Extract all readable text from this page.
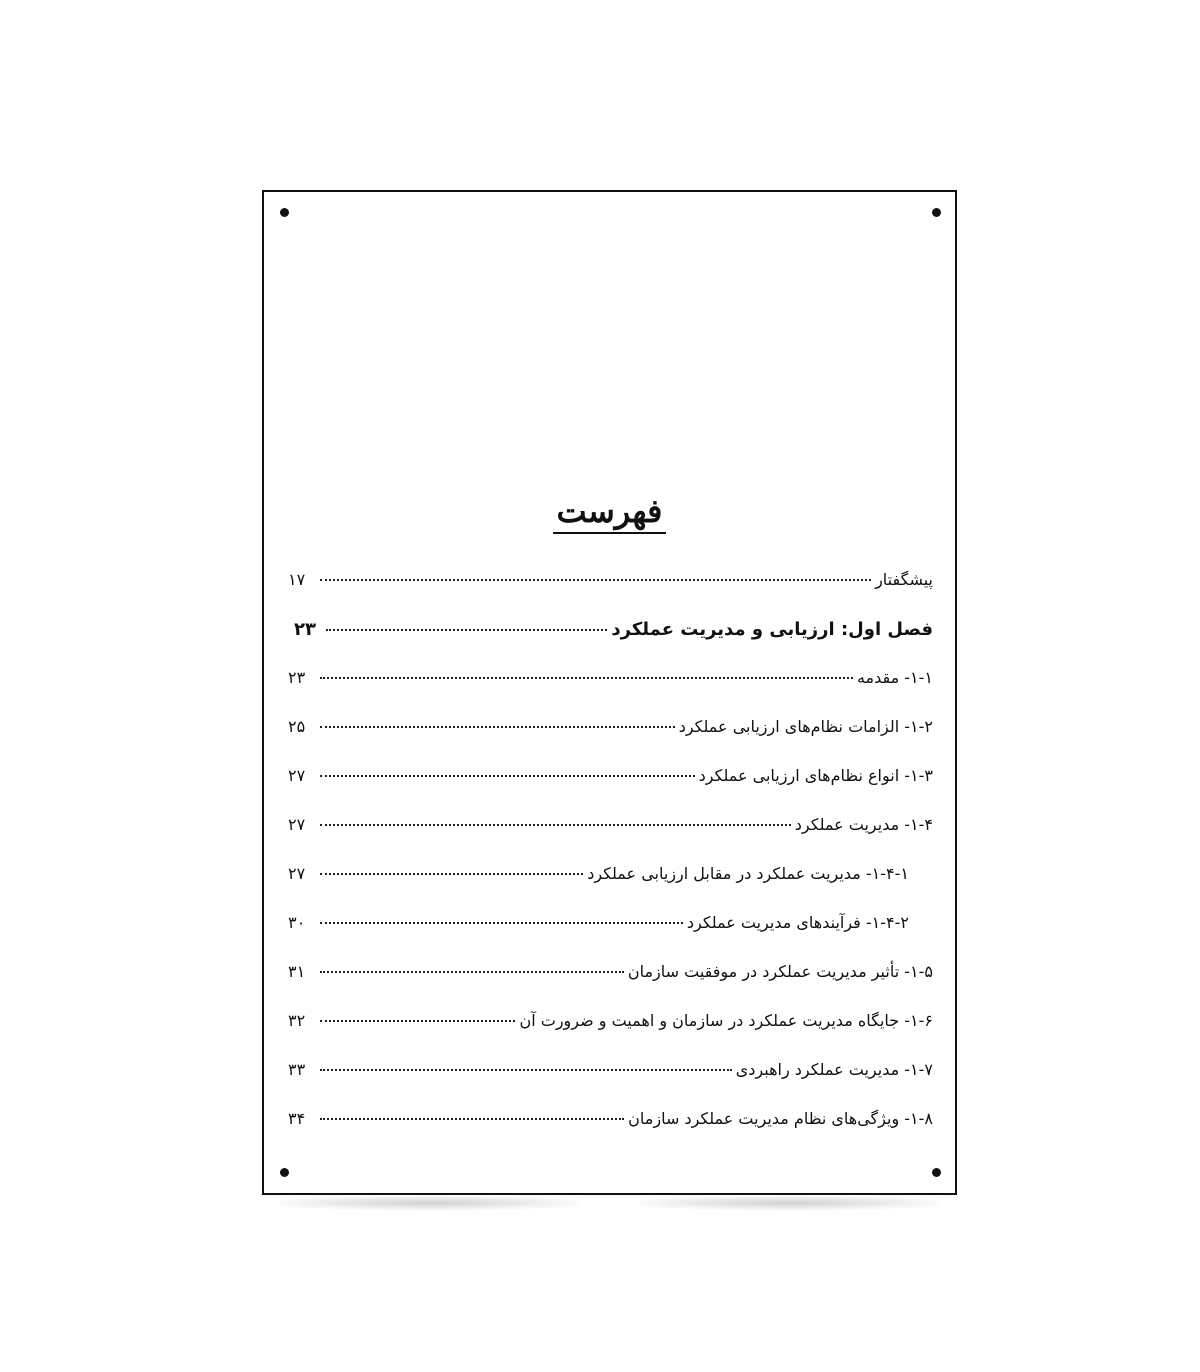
فهرست
پیشگفتار
۱۷
فصل اول: ارزیابی و مدیریت عملکرد
۲۳
۱-۱- مقدمه
۲۳
۱-۲- الزامات نظام‌های ارزیابی عملکرد
۲۵
۱-۳- انواع نظام‌های ارزیابی عملکرد
۲۷
۱-۴- مدیریت عملکرد
۲۷
۱-۴-۱- مدیریت عملکرد در مقابل ارزیابی عملکرد
۲۷
۱-۴-۲- فرآیندهای مدیریت عملکرد
۳۰
۱-۵- تأثیر مدیریت عملکرد در موفقیت سازمان
۳۱
۱-۶- جایگاه مدیریت عملکرد در سازمان و اهمیت و ضرورت آن
۳۲
۱-۷- مدیریت عملکرد راهبردی
۳۳
۱-۸- ویژگی‌های نظام مدیریت عملکرد سازمان
۳۴
